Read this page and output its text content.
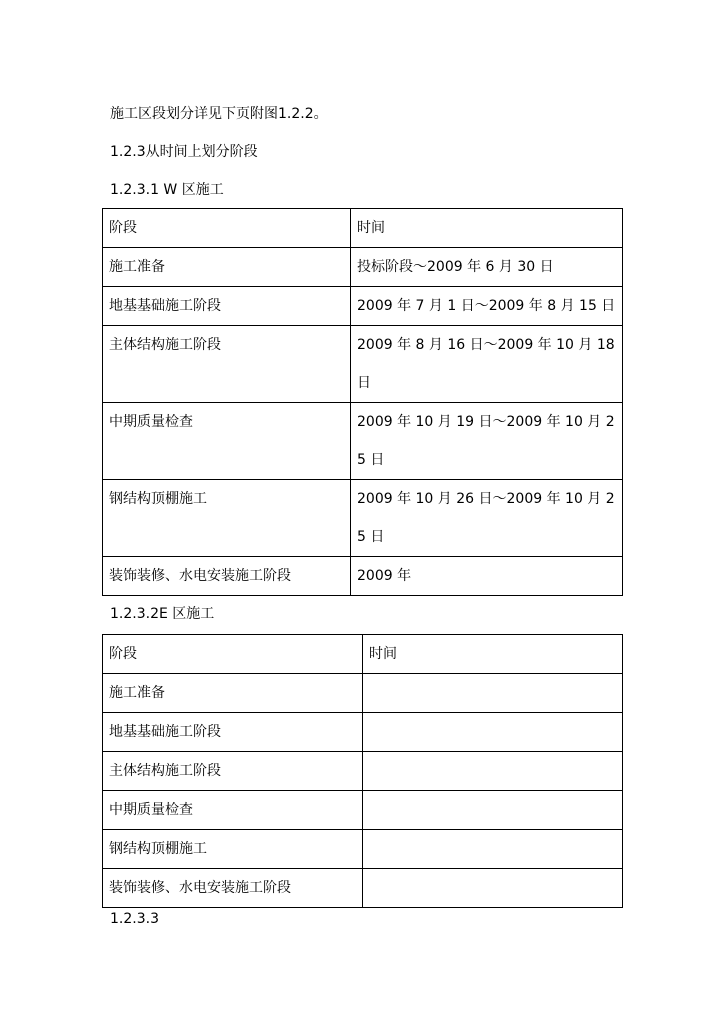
施工区段划分详见下页附图1.2.2。
1.2.3从时间上划分阶段
1.2.3.1 W 区施工
阶段	时间
施工准备	投标阶段～2009 年 6 月 30 日
地基基础施工阶段	2009 年 7 月 1 日～2009 年 8 月 15 日
主体结构施工阶段	2009 年 8 月 16 日～2009 年 10 月 18 日
中期质量检查	2009 年 10 月 19 日～2009 年 10 月 25 日
钢结构顶棚施工	2009 年 10 月 26 日～2009 年 10 月 25 日
装饰装修、水电安装施工阶段	2009 年
1.2.3.2E 区施工
阶段	时间
施工准备	
地基基础施工阶段	
主体结构施工阶段	
中期质量检查	
钢结构顶棚施工	
装饰装修、水电安装施工阶段	
1.2.3.3
